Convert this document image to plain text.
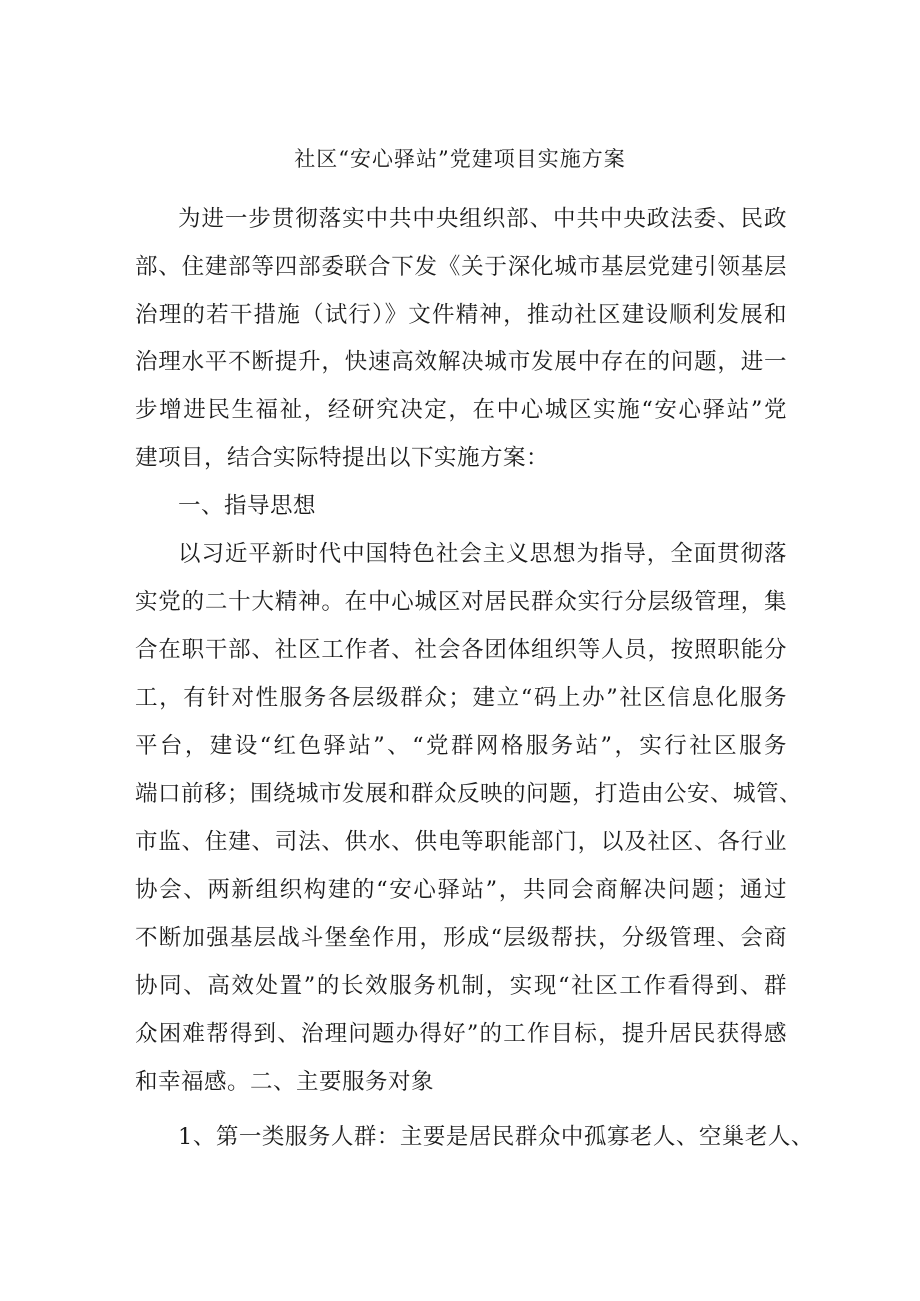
社区“安心驿站”党建项目实施方案
为进一步贯彻落实中共中央组织部、中共中央政法委、民政
部、住建部等四部委联合下发《关于深化城市基层党建引领基层
治理的若干措施（试行）》文件精神，推动社区建设顺利发展和
治理水平不断提升，快速高效解决城市发展中存在的问题，进一
步增进民生福祉，经研究决定，在中心城区实施“安心驿站”党
建项目，结合实际特提出以下实施方案：
一、指导思想
以习近平新时代中国特色社会主义思想为指导，全面贯彻落
实党的二十大精神。在中心城区对居民群众实行分层级管理，集
合在职干部、社区工作者、社会各团体组织等人员，按照职能分
工，有针对性服务各层级群众；建立“码上办”社区信息化服务
平台，建设“红色驿站”、“党群网格服务站”，实行社区服务
端口前移；围绕城市发展和群众反映的问题，打造由公安、城管、
市监、住建、司法、供水、供电等职能部门，以及社区、各行业
协会、两新组织构建的“安心驿站”，共同会商解决问题；通过
不断加强基层战斗堡垒作用，形成“层级帮扶，分级管理、会商
协同、高效处置”的长效服务机制，实现“社区工作看得到、群
众困难帮得到、治理问题办得好”的工作目标，提升居民获得感
和幸福感。二、主要服务对象
1、第一类服务人群：主要是居民群众中孤寡老人、空巢老人、
